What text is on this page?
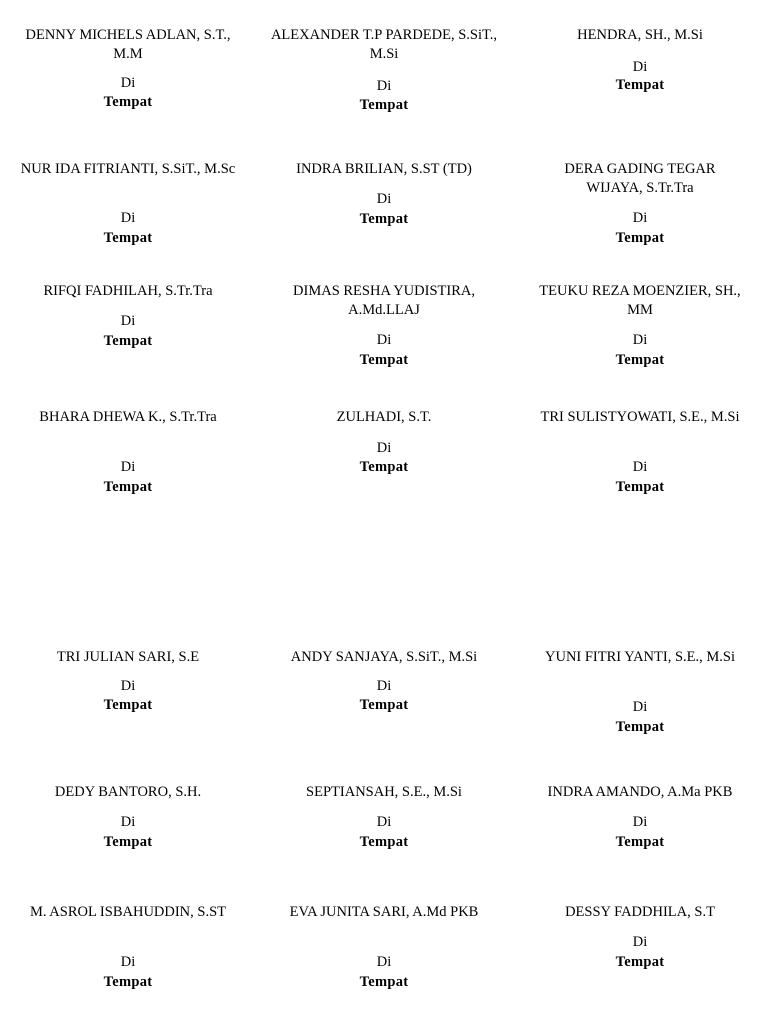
DENNY MICHELS ADLAN, S.T., M.M

Di
Tempat

ALEXANDER T.P PARDEDE, S.SiT., M.Si

Di
Tempat

HENDRA, SH., M.Si

Di
Tempat

NUR IDA FITRIANTI, S.SiT., M.Sc

Di
Tempat

INDRA BRILIAN, S.ST (TD)

Di
Tempat

DERA GADING TEGAR WIJAYA, S.Tr.Tra

Di
Tempat

RIFQI FADHILAH, S.Tr.Tra

Di
Tempat

DIMAS RESHA YUDISTIRA, A.Md.LLAJ

Di
Tempat

TEUKU REZA MOENZIER, SH., MM

Di
Tempat

BHARA DHEWA K., S.Tr.Tra

Di
Tempat

ZULHADI, S.T.

Di
Tempat

TRI SULISTYOWATI, S.E., M.Si

Di
Tempat

TRI JULIAN SARI, S.E

Di
Tempat

ANDY SANJAYA, S.SiT., M.Si

Di
Tempat

YUNI FITRI YANTI, S.E., M.Si

Di
Tempat

DEDY BANTORO, S.H.

Di
Tempat

SEPTIANSAH, S.E., M.Si

Di
Tempat

INDRA AMANDO, A.Ma PKB

Di
Tempat

M. ASROL ISBAHUDDIN, S.ST

Di
Tempat

EVA JUNITA SARI, A.Md PKB

Di
Tempat

DESSY FADDHILA, S.T

Di
Tempat
